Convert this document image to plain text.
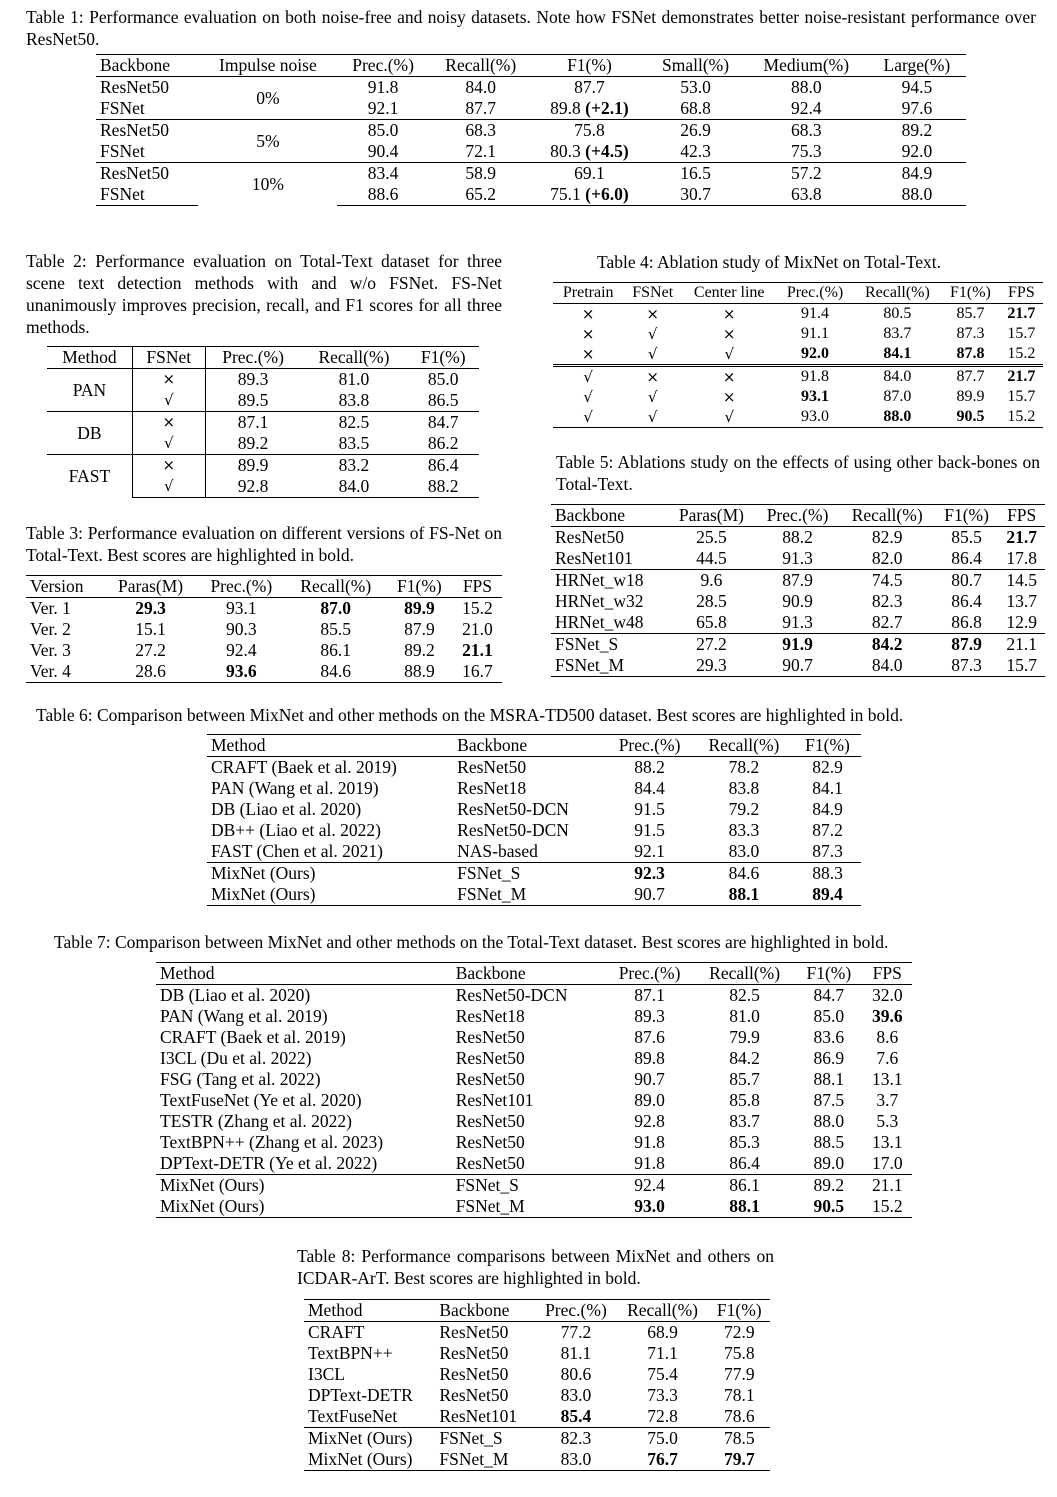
Table 1: Performance evaluation on both noise-free and noisy datasets. Note how FSNet demonstrates better noise-resistant performance over ResNet50.
Backbone	Impulse noise	Prec.(%)	Recall(%)	F1(%)	Small(%)	Medium(%)	Large(%)
ResNet50	0%	91.8	84.0	87.7	53.0	88.0	94.5
FSNet		92.1	87.7	89.8 (+2.1)	68.8	92.4	97.6
ResNet50	5%	85.0	68.3	75.8	26.9	68.3	89.2
FSNet		90.4	72.1	80.3 (+4.5)	42.3	75.3	92.0
ResNet50	10%	83.4	58.9	69.1	16.5	57.2	84.9
FSNet		88.6	65.2	75.1 (+6.0)	30.7	63.8	88.0
Table 2: Performance evaluation on Total-Text dataset for three scene text detection methods with and w/o FSNet. FS-Net unanimously improves precision, recall, and F1 scores for all three methods.
Method	FSNet	Prec.(%)	Recall(%)	F1(%)
PAN	×	89.3	81.0	85.0
	√	89.5	83.8	86.5
DB	×	87.1	82.5	84.7
	√	89.2	83.5	86.2
FAST	×	89.9	83.2	86.4
	√	92.8	84.0	88.2
Table 3: Performance evaluation on different versions of FS-Net on Total-Text. Best scores are highlighted in bold.
Version	Paras(M)	Prec.(%)	Recall(%)	F1(%)	FPS
Ver. 1	29.3	93.1	87.0	89.9	15.2
Ver. 2	15.1	90.3	85.5	87.9	21.0
Ver. 3	27.2	92.4	86.1	89.2	21.1
Ver. 4	28.6	93.6	84.6	88.9	16.7
Table 4: Ablation study of MixNet on Total-Text.
Pretrain	FSNet	Center line	Prec.(%)	Recall(%)	F1(%)	FPS
×	×	×	91.4	80.5	85.7	21.7
×	√	×	91.1	83.7	87.3	15.7
×	√	√	92.0	84.1	87.8	15.2
√	×	×	91.8	84.0	87.7	21.7
√	√	×	93.1	87.0	89.9	15.7
√	√	√	93.0	88.0	90.5	15.2
Table 5: Ablations study on the effects of using other back-bones on Total-Text.
Backbone	Paras(M)	Prec.(%)	Recall(%)	F1(%)	FPS
ResNet50	25.5	88.2	82.9	85.5	21.7
ResNet101	44.5	91.3	82.0	86.4	17.8
HRNet_w18	9.6	87.9	74.5	80.7	14.5
HRNet_w32	28.5	90.9	82.3	86.4	13.7
HRNet_w48	65.8	91.3	82.7	86.8	12.9
FSNet_S	27.2	91.9	84.2	87.9	21.1
FSNet_M	29.3	90.7	84.0	87.3	15.7
Table 6: Comparison between MixNet and other methods on the MSRA-TD500 dataset. Best scores are highlighted in bold.
Method	Backbone	Prec.(%)	Recall(%)	F1(%)
CRAFT (Baek et al. 2019)	ResNet50	88.2	78.2	82.9
PAN (Wang et al. 2019)	ResNet18	84.4	83.8	84.1
DB (Liao et al. 2020)	ResNet50-DCN	91.5	79.2	84.9
DB++ (Liao et al. 2022)	ResNet50-DCN	91.5	83.3	87.2
FAST (Chen et al. 2021)	NAS-based	92.1	83.0	87.3
MixNet (Ours)	FSNet_S	92.3	84.6	88.3
MixNet (Ours)	FSNet_M	90.7	88.1	89.4
Table 7: Comparison between MixNet and other methods on the Total-Text dataset. Best scores are highlighted in bold.
Method	Backbone	Prec.(%)	Recall(%)	F1(%)	FPS
DB (Liao et al. 2020)	ResNet50-DCN	87.1	82.5	84.7	32.0
PAN (Wang et al. 2019)	ResNet18	89.3	81.0	85.0	39.6
CRAFT (Baek et al. 2019)	ResNet50	87.6	79.9	83.6	8.6
I3CL (Du et al. 2022)	ResNet50	89.8	84.2	86.9	7.6
FSG (Tang et al. 2022)	ResNet50	90.7	85.7	88.1	13.1
TextFuseNet (Ye et al. 2020)	ResNet101	89.0	85.8	87.5	3.7
TESTR (Zhang et al. 2022)	ResNet50	92.8	83.7	88.0	5.3
TextBPN++ (Zhang et al. 2023)	ResNet50	91.8	85.3	88.5	13.1
DPText-DETR (Ye et al. 2022)	ResNet50	91.8	86.4	89.0	17.0
MixNet (Ours)	FSNet_S	92.4	86.1	89.2	21.1
MixNet (Ours)	FSNet_M	93.0	88.1	90.5	15.2
Table 8: Performance comparisons between MixNet and others on ICDAR-ArT. Best scores are highlighted in bold.
Method	Backbone	Prec.(%)	Recall(%)	F1(%)
CRAFT	ResNet50	77.2	68.9	72.9
TextBPN++	ResNet50	81.1	71.1	75.8
I3CL	ResNet50	80.6	75.4	77.9
DPText-DETR	ResNet50	83.0	73.3	78.1
TextFuseNet	ResNet101	85.4	72.8	78.6
MixNet (Ours)	FSNet_S	82.3	75.0	78.5
MixNet (Ours)	FSNet_M	83.0	76.7	79.7
